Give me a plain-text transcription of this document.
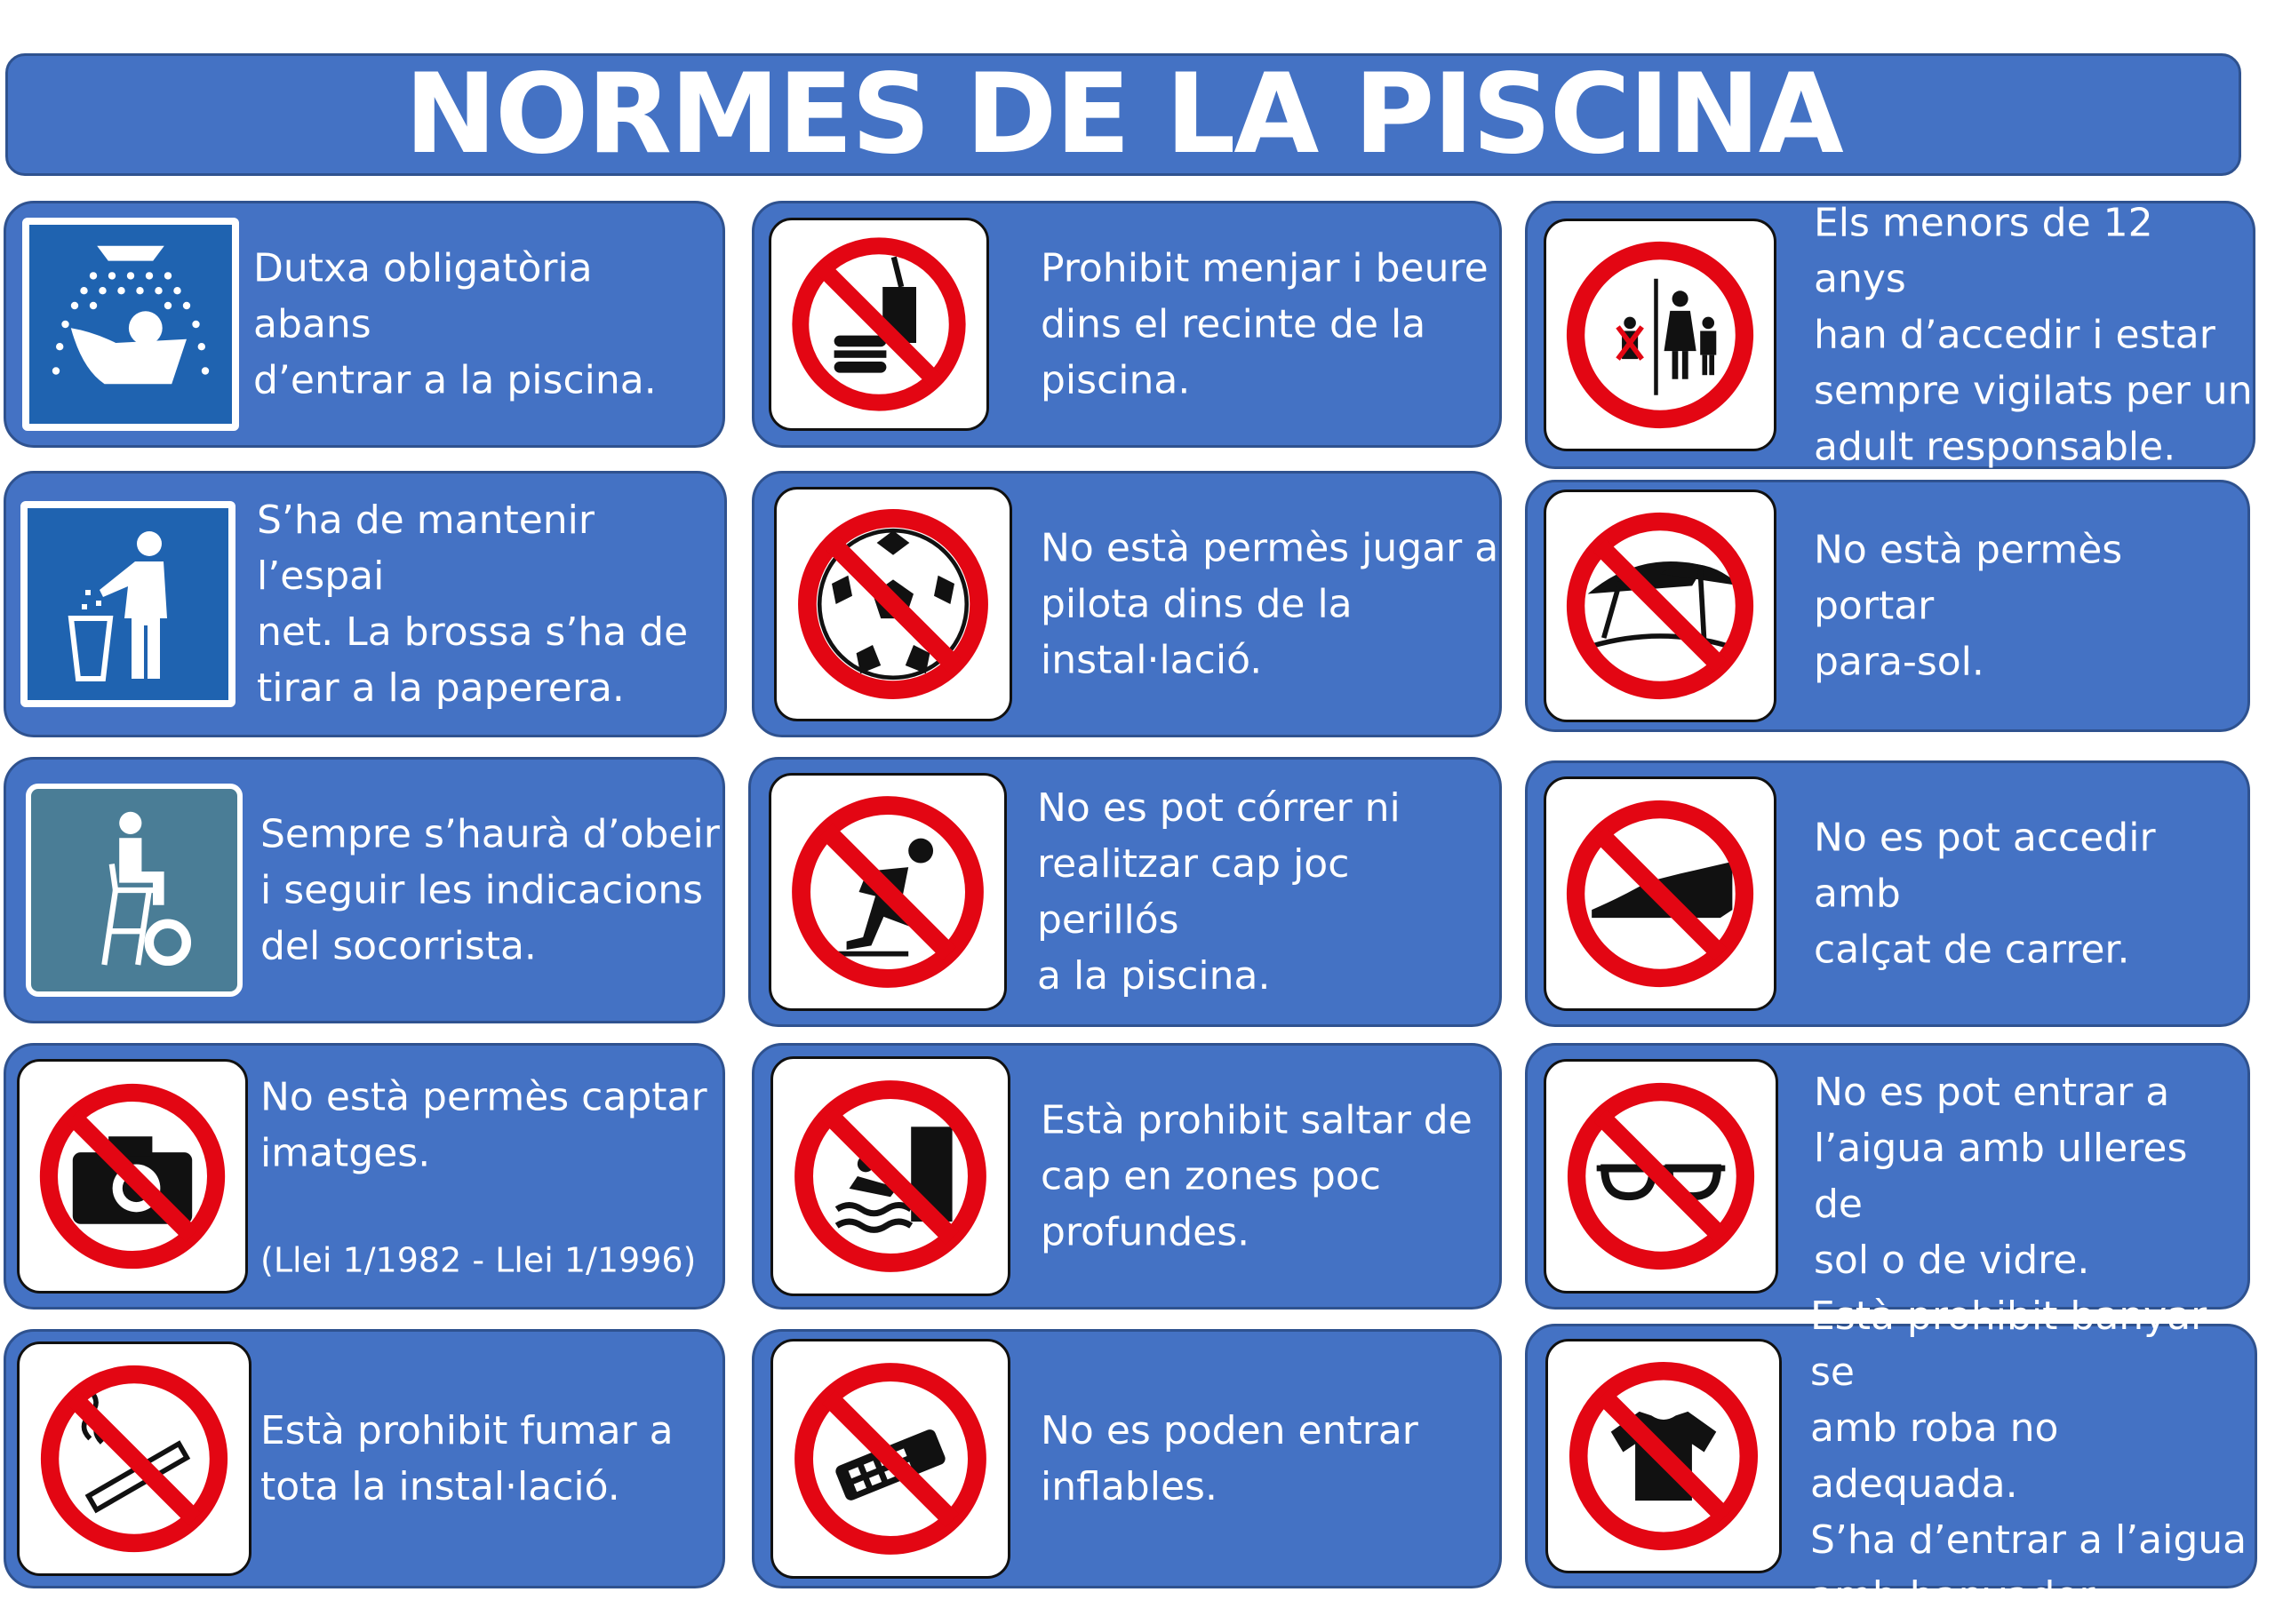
NORMES DE LA PISCINA
Dutxa obligatòria abans
d’entrar a la piscina.
Prohibit menjar i beure
dins el recinte de la
piscina.
Els menors de 12 anys
han d’accedir i estar
sempre vigilats per un
adult responsable.
S’ha de mantenir l’espai
net. La brossa s’ha de
tirar a la paperera.
No està permès jugar a
pilota dins de la
instal·lació.
No està permès portar
para-sol.
Sempre s’haurà d’obeir
i seguir les indicacions
del socorrista.
No es pot córrer ni
realitzar cap joc perillós
a la piscina.
No es pot accedir amb
calçat de carrer.

No està permès captar
imatges.

(Llei 1/1982 - Llei 1/1996)

Està prohibit saltar de
cap en zones poc
profundes.
No es pot entrar a
l’aigua amb ulleres de
sol o de vidre.
Està prohibit fumar a
tota la instal·lació.
No es poden entrar
inflables.
Està prohibit banyar-se
amb roba no adequada.
S’ha d’entrar a l’aigua
amb banyador.
